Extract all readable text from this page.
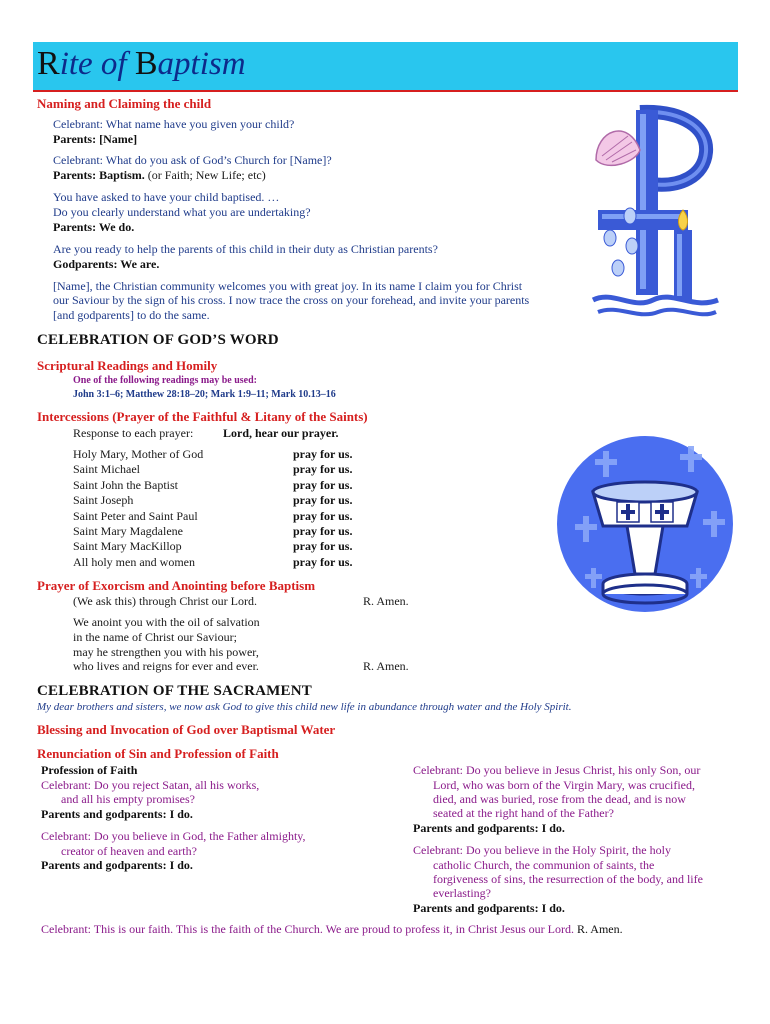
Rite of Baptism
Naming and Claiming the child
Celebrant: What name have you given your child?
Parents: [Name]
Celebrant: What do you ask of God’s Church for [Name]?
Parents: Baptism. (or Faith; New Life; etc)
You have asked to have your child baptised. …
Do you clearly understand what you are undertaking?
Parents: We do.
Are you ready to help the parents of this child in their duty as Christian parents?
Godparents: We are.
[Name], the Christian community welcomes you with great joy. In its name I claim you for Christ
our Saviour by the sign of his cross. I now trace the cross on your forehead, and invite your parents
[and godparents] to do the same.
CELEBRATION OF GOD’S WORD
Scriptural Readings and Homily
One of the following readings may be used:
John 3:1–6; Matthew 28:18–20; Mark 1:9–11; Mark 10.13–16
Intercessions (Prayer of the Faithful & Litany of the Saints)
Response to each prayer: Lord, hear our prayer.
Holy Mary, Mother of God
Saint Michael
Saint John the Baptist
Saint Joseph
Saint Peter and Saint Paul
Saint Mary Magdalene
Saint Mary MacKillop
All holy men and women
pray for us.
pray for us.
pray for us.
pray for us.
pray for us.
pray for us.
pray for us.
pray for us.
Prayer of Exorcism and Anointing before Baptism
(We ask this) through Christ our Lord.	R. Amen.
We anoint you with the oil of salvation
in the name of Christ our Saviour;
may he strengthen you with his power,
who lives and reigns for ever and ever.	R. Amen.
CELEBRATION OF THE SACRAMENT
My dear brothers and sisters, we now ask God to give this child new life in abundance through water and the Holy Spirit.
Blessing and Invocation of God over Baptismal Water
Renunciation of Sin and Profession of Faith
Profession of Faith
Celebrant: Do you reject Satan, all his works,
and all his empty promises?
Parents and godparents: I do.
Celebrant: Do you believe in God, the Father almighty,
creator of heaven and earth?
Parents and godparents: I do.
Celebrant: Do you believe in Jesus Christ, his only Son, our
Lord, who was born of the Virgin Mary, was crucified,
died, and was buried, rose from the dead, and is now
seated at the right hand of the Father?
Parents and godparents: I do.
Celebrant: Do you believe in the Holy Spirit, the holy
catholic Church, the communion of saints, the
forgiveness of sins, the resurrection of the body, and life
everlasting?
Parents and godparents: I do.
Celebrant: This is our faith. This is the faith of the Church. We are proud to profess it, in Christ Jesus our Lord. R. Amen.
